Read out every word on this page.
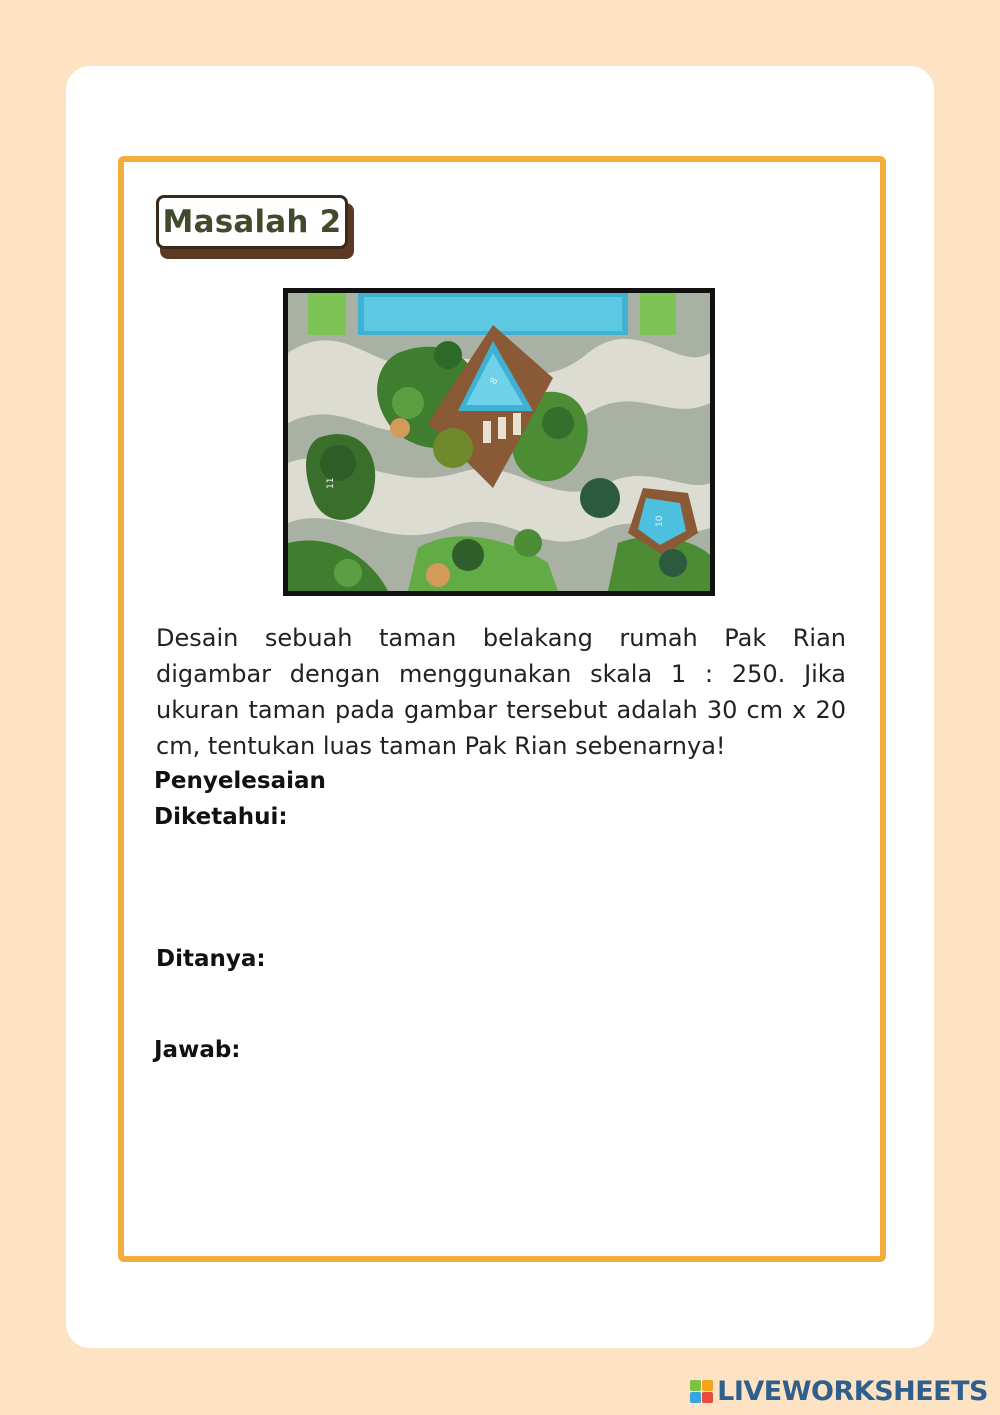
Masalah 2
8
10
11
Desain sebuah taman belakang rumah Pak Rian digambar dengan menggunakan skala 1 : 250. Jika ukuran taman pada gambar tersebut adalah 30 cm x 20 cm, tentukan luas taman Pak Rian sebenarnya!
Penyelesaian
Diketahui:
Ditanya:
Jawab:
LIVEWORKSHEETS
